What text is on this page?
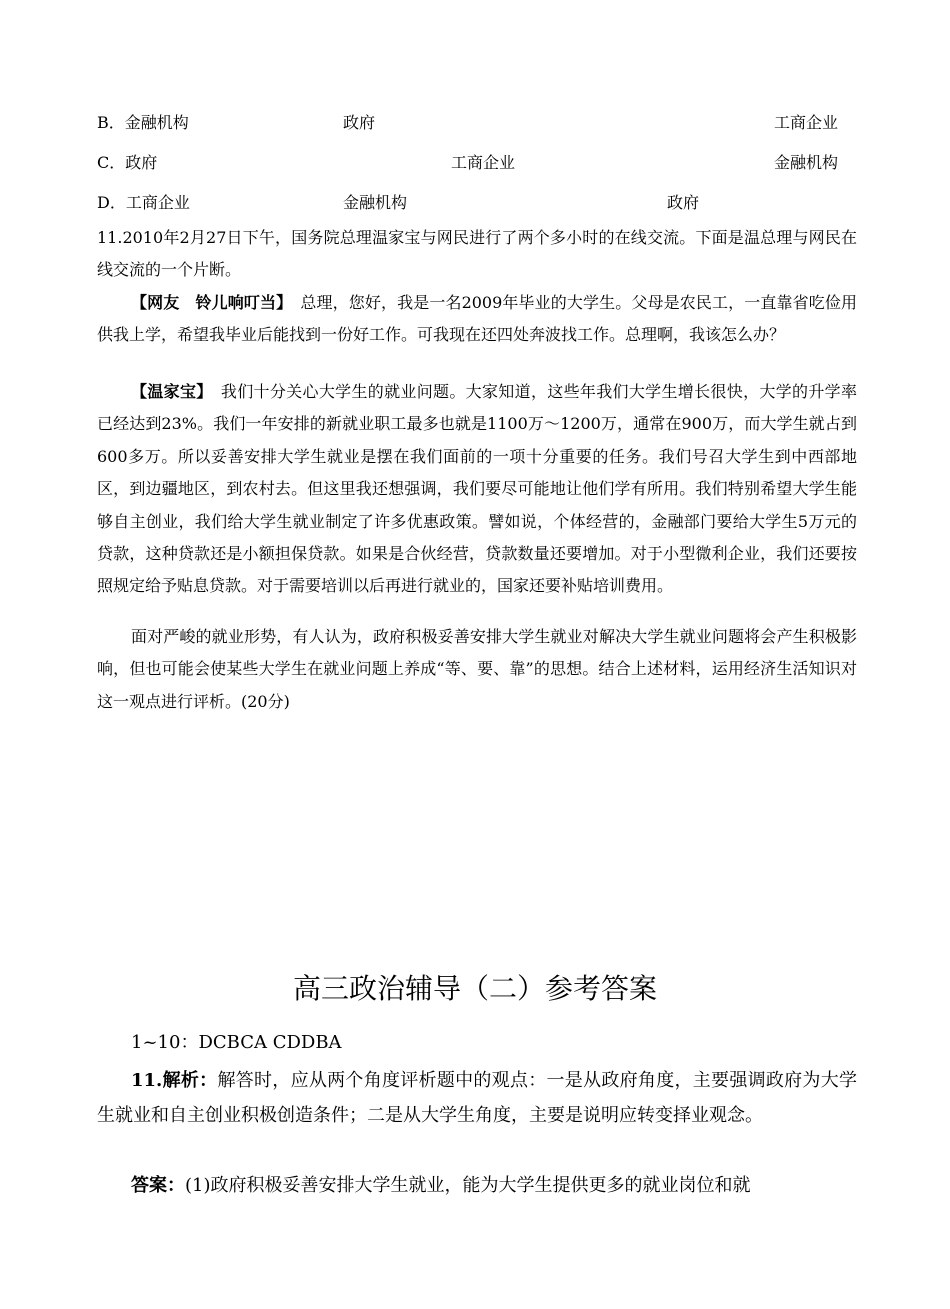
B．金融机构	政府	工商企业
C．政府	工商企业	金融机构
D．工商企业	金融机构	政府

11.2010年2月27日下午，国务院总理温家宝与网民进行了两个多小时的在线交流。下面是温总理与网民在线交流的一个片断。

【网友　铃儿响叮当】　总理，您好，我是一名2009年毕业的大学生。父母是农民工，一直靠省吃俭用供我上学，希望我毕业后能找到一份好工作。可我现在还四处奔波找工作。总理啊，我该怎么办？

【温家宝】　我们十分关心大学生的就业问题。大家知道，这些年我们大学生增长很快，大学的升学率已经达到23%。我们一年安排的新就业职工最多也就是1100万～1200万，通常在900万，而大学生就占到600多万。所以妥善安排大学生就业是摆在我们面前的一项十分重要的任务。我们号召大学生到中西部地区，到边疆地区，到农村去。但这里我还想强调，我们要尽可能地让他们学有所用。我们特别希望大学生能够自主创业，我们给大学生就业制定了许多优惠政策。譬如说，个体经营的，金融部门要给大学生5万元的贷款，这种贷款还是小额担保贷款。如果是合伙经营，贷款数量还要增加。对于小型微利企业，我们还要按照规定给予贴息贷款。对于需要培训以后再进行就业的，国家还要补贴培训费用。

面对严峻的就业形势，有人认为，政府积极妥善安排大学生就业对解决大学生就业问题将会产生积极影响，但也可能会使某些大学生在就业问题上养成“等、要、靠”的思想。结合上述材料，运用经济生活知识对这一观点进行评析。(20分)

高三政治辅导（二）参考答案

1~10：DCBCA CDDBA

11.解析：解答时，应从两个角度评析题中的观点：一是从政府角度，主要强调政府为大学生就业和自主创业积极创造条件；二是从大学生角度，主要是说明应转变择业观念。

答案：(1)政府积极妥善安排大学生就业，能为大学生提供更多的就业岗位和就
